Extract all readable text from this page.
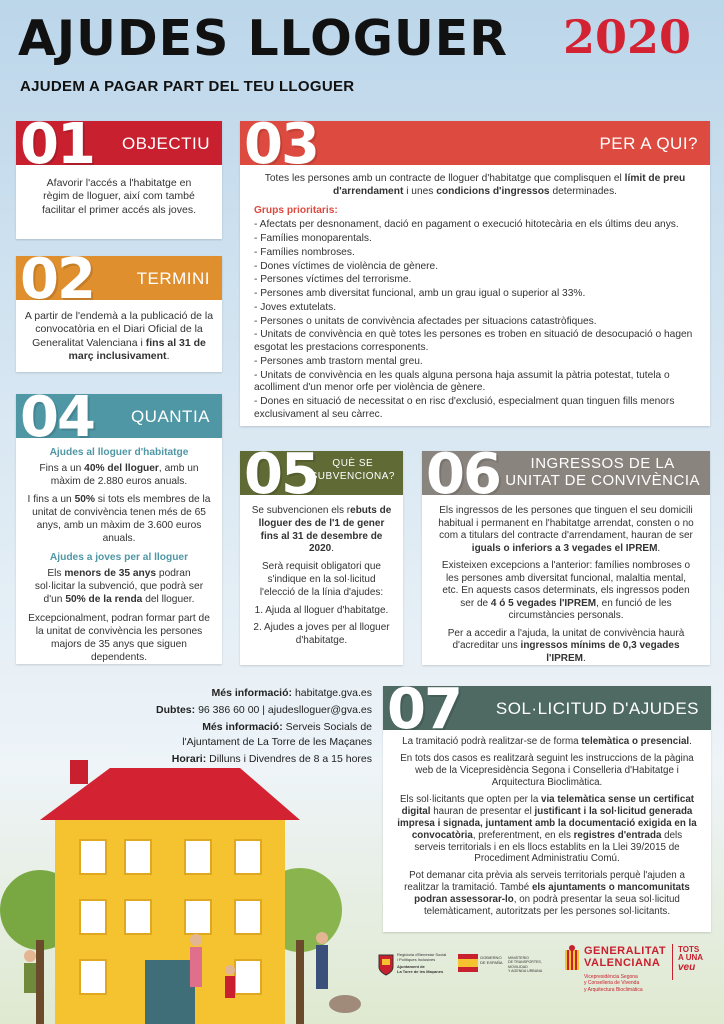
AJUDES LLOGUER 2020
AJUDEM A PAGAR PART DEL TEU LLOGUER
01 OBJECTIU

Afavorir l'accés a l'habitatge en règim de lloguer, així com també facilitar el primer accés als joves.

02	TERMINI

A partir de l'endemà a la publicació de la convocatòria en el Diari Oficial de la Generalitat Valenciana i fins al 31 de març inclusivament.

03	PER A QUI?

Totes les persones amb un contracte de lloguer d'habitatge que complisquen el límit de preu d'arrendament i unes condicions d'ingressos determinades.

Grups prioritaris:

- Afectats per desnonament, dació en pagament o execució hitotecària en els últims deu anys.
- Famílies monoparentals.
- Famílies nombroses.
- Dones víctimes de violència de gènere.
- Persones víctimes del terrorisme.
- Persones amb diversitat funcional, amb un grau igual o superior al 33%.
- Joves extutelats.
- Persones o unitats de convivència afectades per situacions catastròfiques.
- Unitats de convivència en què totes les persones es troben en situació de desocupació o hagen esgotat les prestacions corresponents.
- Persones amb trastorn mental greu.
- Unitats de convivència en les quals alguna persona haja assumit la pàtria potestat, tutela o acolliment d'un menor orfe per violència de gènere.
- Dones en situació de necessitat o en risc d'exclusió, especialment quan tinguen fills menors exclusivament al seu càrrec.
04 QUANTIA

Ajudes al lloguer d'habitatge

Fins a un 40% del lloguer, amb un màxim de 2.880 euros anuals.

I fins a un 50% si tots els membres de la unitat de convivència tenen més de 65 anys, amb un màxim de 3.600 euros anuals.

Ajudes a joves per al lloguer

Els menors de 35 anys podran sol·licitar la subvenció, que podrà ser d'un 50% de la renda del lloguer.

Excepcionalment, podran formar part de la unitat de convivència les persones majors de 35 anys que siguen dependents.

05	QUÈ SE
SUBVENCIONA?

Se subvencionen els rebuts de lloguer des de l'1 de gener fins al 31 de desembre de 2020.

Serà requisit obligatori que s'indique en la sol·licitud l'elecció de la línia d'ajudes:

1. Ajuda al lloguer d'habitatge.

2. Ajudes a joves per al lloguer d'habitatge.

06	INGRESSOS DE LA
UNITAT DE CONVIVÈNCIA

Els ingressos de les persones que tinguen el seu domicili habitual i permanent en l'habitatge arrendat, consten o no com a titulars del contracte d'arrendament, hauran de ser iguals o inferiors a 3 vegades el IPREM.

Existeixen excepcions a l'anterior: famílies nombroses o les persones amb diversitat funcional, malaltia mental, etc. En aquests casos determinats, els ingressos poden ser de 4 ó 5 vegades l'IPREM, en funció de les circumstàncies personals.

Per a accedir a l'ajuda, la unitat de convivència haurà d'acreditar uns ingressos mínims de 0,3 vegades l'IPREM.

Més informació: habitatge.gva.es

Dubtes: 96 386 60 00 | ajudeslloguer@gva.es

Més informació: Serveis Socials de l'Ajuntament de La Torre de les Maçanes

Horari: Dilluns i Divendres de 8 a 15 hores

07 SOL·LICITUD D'AJUDES

La tramitació podrà realitzar-se de forma telemàtica o presencial.

En tots dos casos es realitzarà seguint les instruccions de la pàgina web de la Vicepresidència Segona i Conselleria d'Habitatge i Arquitectura Bioclimàtica.

Els sol·licitants que opten per la via telemàtica sense un certificat digital hauran de presentar el justificant i la sol·licitud generada impresa i signada, juntament amb la documentació exigida en la convocatòria, preferentment, en els registres d'entrada dels serveis territorials i en els llocs establits en la Llei 39/2015 de Procediment Administratiu Comú.

Pot demanar cita prèvia als serveis territorials perquè l'ajuden a realitzar la tramitació. També els ajuntaments o mancomunitats podran assessorar-lo, on podrà presentar la seua sol·licitud telemàticament, autoritzats per les persones sol·licitants.

Regidoria d'Benestar Social
i Polítiques Inclusives
Ajuntament de
La Torre de les Maçanes
GOBIERNO
DE ESPAÑA
MINISTERIO
DE TRANSPORTES, MOVILIDAD
Y AGENDA URBANA
GENERALITAT
VALENCIANA
Vicepresidència Segona
y Conselleria de Vivenda
y Arquitectura Bioclimàtica
TOTS
A UNA
veu
